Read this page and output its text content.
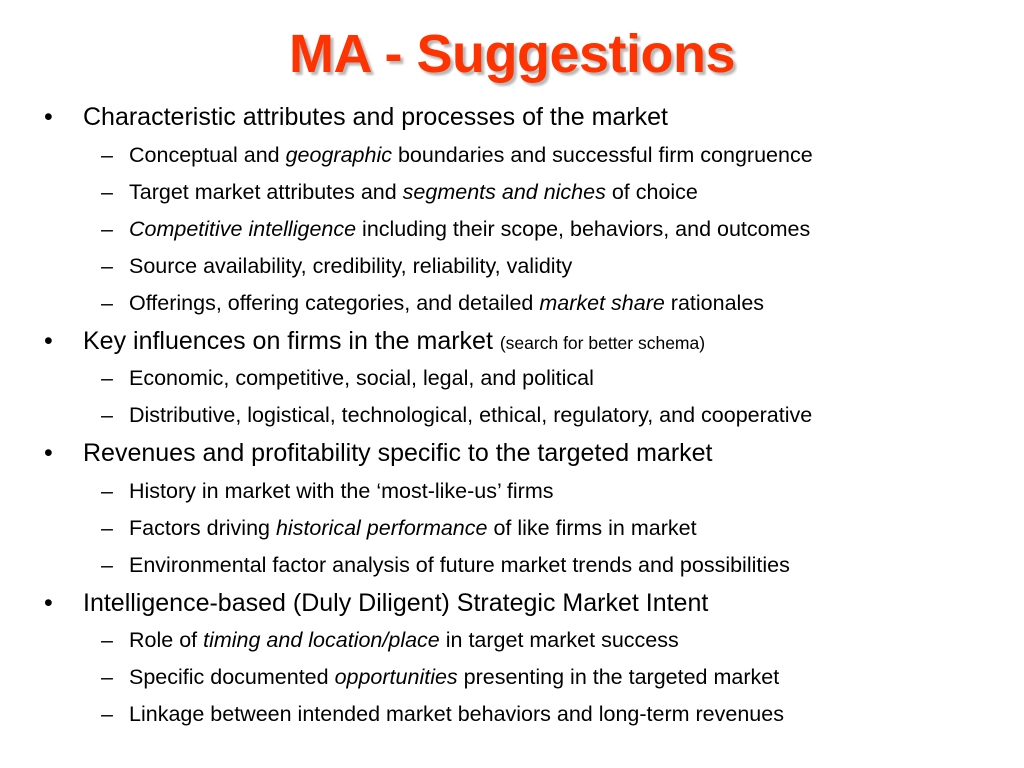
MA - Suggestions
• Characteristic attributes and processes of the market
– Conceptual and geographic boundaries and successful firm congruence
– Target market attributes and segments and niches of choice
– Competitive intelligence including their scope, behaviors, and outcomes
– Source availability, credibility, reliability, validity
– Offerings, offering categories, and detailed market share rationales
• Key influences on firms in the market (search for better schema)
– Economic, competitive, social, legal, and political
– Distributive, logistical, technological, ethical, regulatory, and cooperative
• Revenues and profitability specific to the targeted market
– History in market with the ‘most-like-us’ firms
– Factors driving historical performance of like firms in market
– Environmental factor analysis of future market trends and possibilities
• Intelligence-based (Duly Diligent) Strategic Market Intent
– Role of timing and location/place in target market success
– Specific documented opportunities presenting in the targeted market
– Linkage between intended market behaviors and long-term revenues
